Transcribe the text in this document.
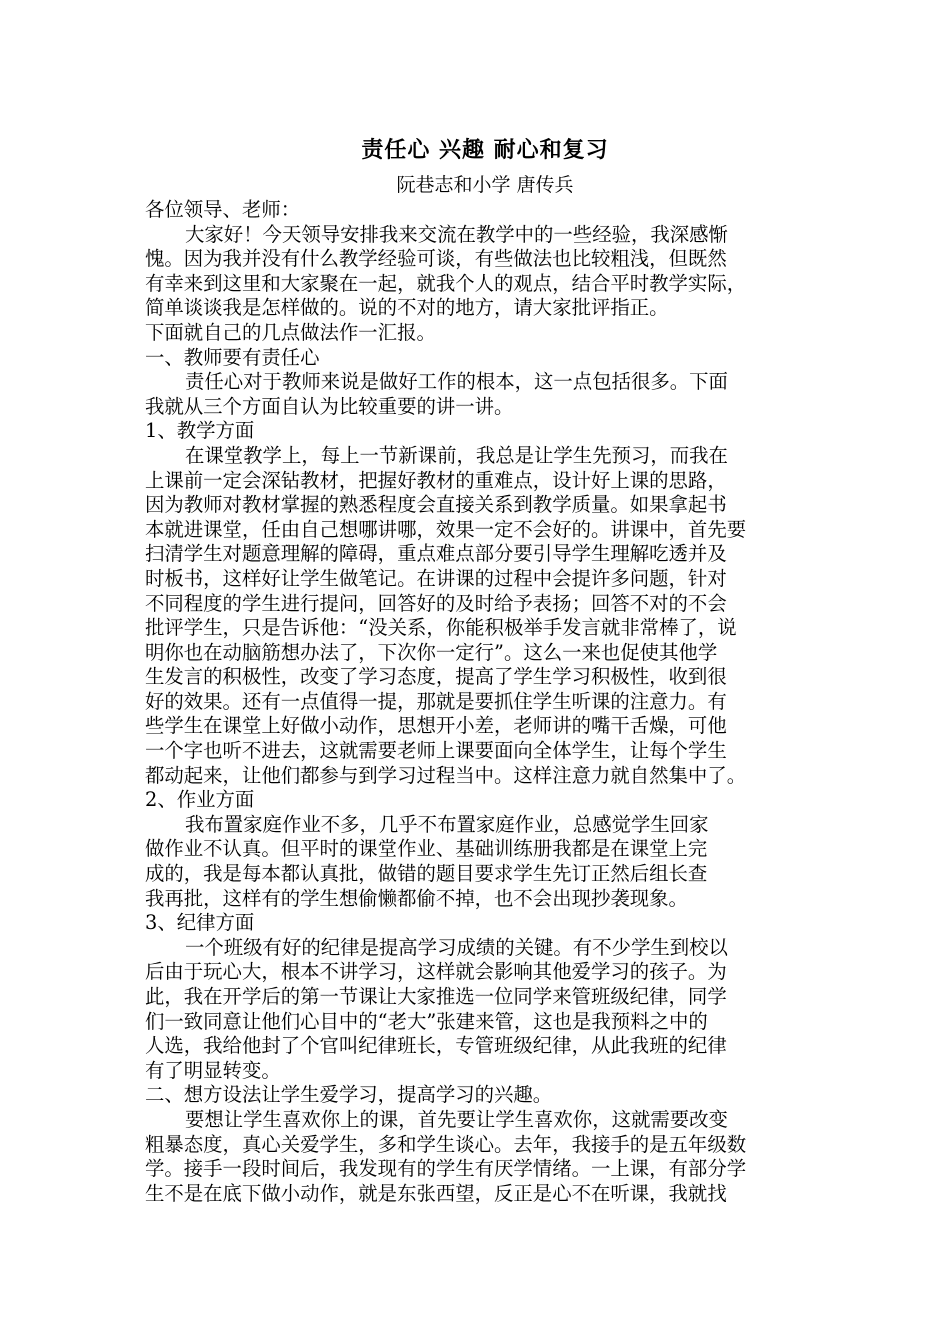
责任心 兴趣 耐心和复习
阮巷志和小学 唐传兵
各位领导、老师：
大家好！今天领导安排我来交流在教学中的一些经验，我深感惭
愧。因为我并没有什么教学经验可谈，有些做法也比较粗浅，但既然
有幸来到这里和大家聚在一起，就我个人的观点，结合平时教学实际，
简单谈谈我是怎样做的。说的不对的地方，请大家批评指正。
下面就自己的几点做法作一汇报。
一、教师要有责任心
责任心对于教师来说是做好工作的根本，这一点包括很多。下面
我就从三个方面自认为比较重要的讲一讲。
1、教学方面
在课堂教学上，每上一节新课前，我总是让学生先预习，而我在
上课前一定会深钻教材，把握好教材的重难点，设计好上课的思路，
因为教师对教材掌握的熟悉程度会直接关系到教学质量。如果拿起书
本就进课堂，任由自己想哪讲哪，效果一定不会好的。讲课中，首先要
扫清学生对题意理解的障碍，重点难点部分要引导学生理解吃透并及
时板书，这样好让学生做笔记。在讲课的过程中会提许多问题，针对
不同程度的学生进行提问，回答好的及时给予表扬；回答不对的不会
批评学生，只是告诉他：“没关系，你能积极举手发言就非常棒了，说
明你也在动脑筋想办法了，下次你一定行”。这么一来也促使其他学
生发言的积极性，改变了学习态度，提高了学生学习积极性，收到很
好的效果。还有一点值得一提，那就是要抓住学生听课的注意力。有
些学生在课堂上好做小动作，思想开小差，老师讲的嘴干舌燥，可他
一个字也听不进去，这就需要老师上课要面向全体学生，让每个学生
都动起来，让他们都参与到学习过程当中。这样注意力就自然集中了。
2、作业方面
我布置家庭作业不多，几乎不布置家庭作业，总感觉学生回家
做作业不认真。但平时的课堂作业、基础训练册我都是在课堂上完
成的，我是每本都认真批，做错的题目要求学生先订正然后组长查
我再批，这样有的学生想偷懒都偷不掉，也不会出现抄袭现象。
3、纪律方面
一个班级有好的纪律是提高学习成绩的关键。有不少学生到校以
后由于玩心大，根本不讲学习，这样就会影响其他爱学习的孩子。为
此，我在开学后的第一节课让大家推选一位同学来管班级纪律，同学
们一致同意让他们心目中的“老大”张建来管，这也是我预料之中的
人选，我给他封了个官叫纪律班长，专管班级纪律，从此我班的纪律
有了明显转变。
二、想方设法让学生爱学习，提高学习的兴趣。
要想让学生喜欢你上的课，首先要让学生喜欢你，这就需要改变
粗暴态度，真心关爱学生，多和学生谈心。去年，我接手的是五年级数
学。接手一段时间后，我发现有的学生有厌学情绪。一上课，有部分学
生不是在底下做小动作，就是东张西望，反正是心不在听课，我就找
